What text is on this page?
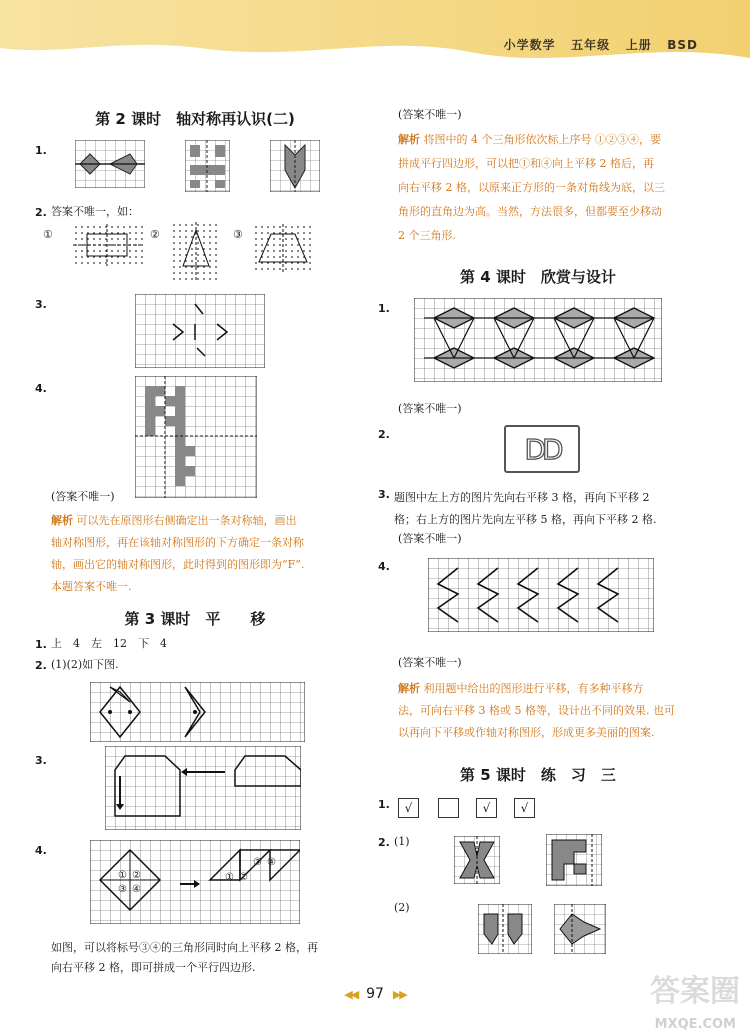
小学数学 五年级 上册 BSD
第 2 课时　轴对称再认识(二)
1.
2. 答案不唯一，如：
①	②	③
3.
4.
(答案不唯一)
解析 可以先在原图形右侧确定出一条对称轴，画出
轴对称图形，再在该轴对称图形的下方确定一条对称
轴，画出它的轴对称图形，此时得到的图形即为“F”.
本题答案不唯一.
第 3 课时　平　　移
1. 上　4　左　12　下　4
2. (1)(2)如下图.
3.
4.
① ②
③ ④
③ ④
① ②
如图，可以将标号③④的三角形同时向上平移 2 格，再
向右平移 2 格，即可拼成一个平行四边形.
(答案不唯一)
解析 将图中的 4 个三角形依次标上序号 ①②③④，要
拼成平行四边形，可以把①和④向上平移 2 格后，再
向右平移 2 格，以原来正方形的一条对角线为底，以三
角形的直角边为高。当然，方法很多，但都要至少移动
2 个三角形.
第 4 课时　欣赏与设计
1.
(答案不唯一)
2.	DD
3. 题图中左上方的图片先向右平移 3 格，再向下平移 2
格；右上方的图片先向左平移 5 格，再向下平移 2 格.
(答案不唯一)
4.
(答案不唯一)
解析 利用题中给出的图形进行平移，有多种平移方
法，可向右平移 3 格或 5 格等，设计出不同的效果. 也可
以再向下平移或作轴对称图形，形成更多美丽的图案.
第 5 课时　练　习　三
1.	√	√	√
2. (1)
(2)
◀◀ 97 ▶▶	答案圈
MXQE.COM
